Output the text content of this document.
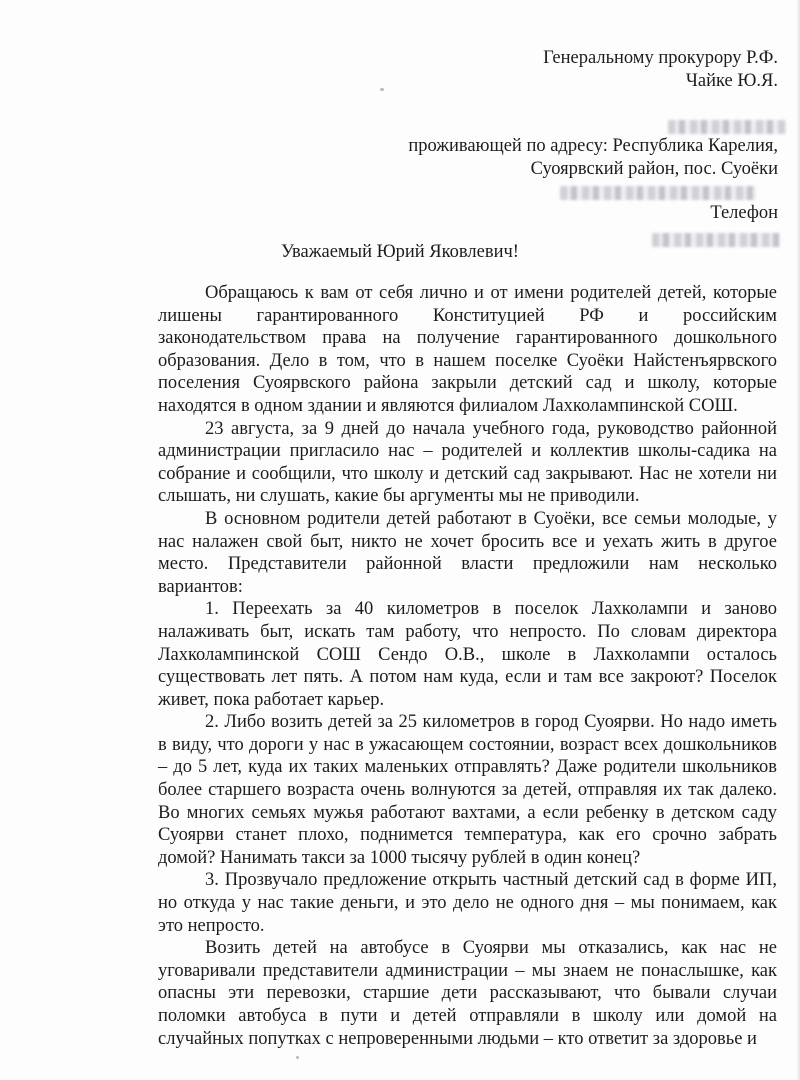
Генеральному прокурору Р.Ф.
Чайке Ю.Я.
проживающей по адресу: Республика Карелия,
Суоярвский район, пос. Суоёки
Телефон
Уважаемый Юрий Яковлевич!

Обращаюсь к вам от себя лично и от имени родителей детей, которые лишены гарантированного Конституцией РФ и российским законодательством права на получение гарантированного дошкольного образования. Дело в том, что в нашем поселке Суоёки Найстенъярвского поселения Суоярвского района закрыли детский сад и школу, которые находятся в одном здании и являются филиалом Лахколампинской СОШ.

23 августа, за 9 дней до начала учебного года, руководство районной администрации пригласило нас – родителей и коллектив школы-садика на собрание и сообщили, что школу и детский сад закрывают. Нас не хотели ни слышать, ни слушать, какие бы аргументы мы не приводили.

В основном родители детей работают в Суоёки, все семьи молодые, у нас налажен свой быт, никто не хочет бросить все и уехать жить в другое место. Представители районной власти предложили нам несколько вариантов:

1. Переехать за 40 километров в поселок Лахколампи и заново налаживать быт, искать там работу, что непросто. По словам директора Лахколампинской СОШ Сендо О.В., школе в Лахколампи осталось существовать лет пять. А потом нам куда, если и там все закроют? Поселок живет, пока работает карьер.

2. Либо возить детей за 25 километров в город Суоярви. Но надо иметь в виду, что дороги у нас в ужасающем состоянии, возраст всех дошкольников – до 5 лет, куда их таких маленьких отправлять? Даже родители школьников более старшего возраста очень волнуются за детей, отправляя их так далеко. Во многих семьях мужья работают вахтами, а если ребенку в детском саду Суоярви станет плохо, поднимется температура, как его срочно забрать домой? Нанимать такси за 1000 тысячу рублей в один конец?

3. Прозвучало предложение открыть частный детский сад в форме ИП, но откуда у нас такие деньги, и это дело не одного дня – мы понимаем, как это непросто.

Возить детей на автобусе в Суоярви мы отказались, как нас не уговаривали представители администрации – мы знаем не понаслышке, как опасны эти перевозки, старшие дети рассказывают, что бывали случаи поломки автобуса в пути и детей отправляли в школу или домой на случайных попутках с непроверенными людьми – кто ответит за здоровье и
